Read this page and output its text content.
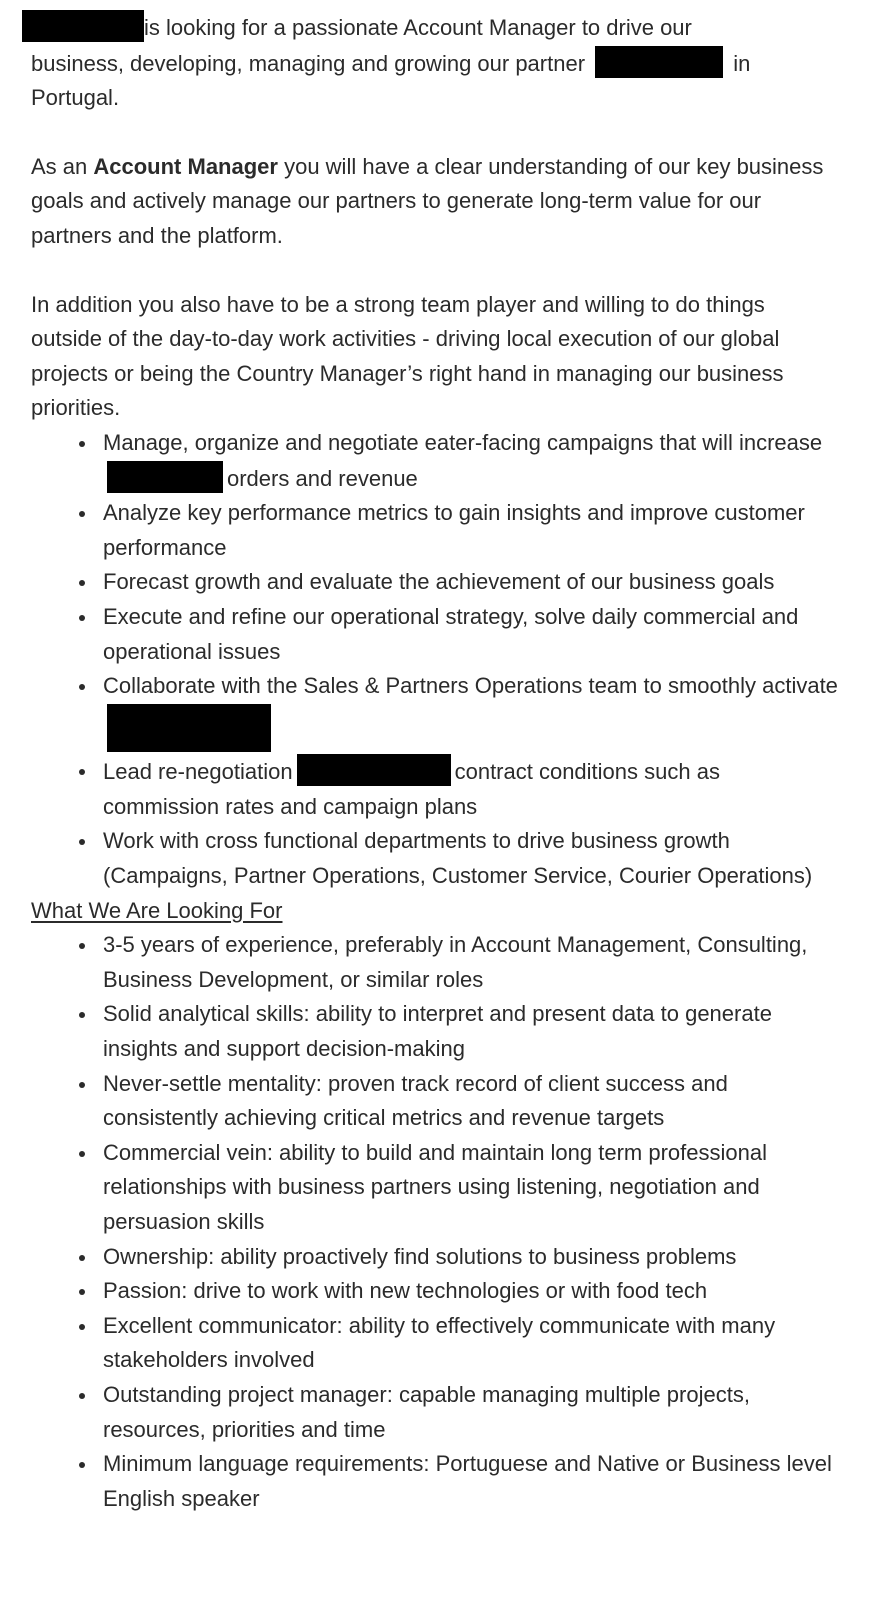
is looking for a passionate Account Manager to drive our

business, developing, managing and growing our partner	in

Portugal.

As an Account Manager you will have a clear understanding of our key business goals and actively manage our partners to generate long-term value for our partners and the platform.

In addition you also have to be a strong team player and willing to do things outside of the day-to-day work activities - driving local execution of our global projects or being the Country Manager’s right hand in managing our business priorities.

Manage, organize and negotiate eater-facing campaigns that will increaseorders and revenue
Analyze key performance metrics to gain insights and improve customer performance
Forecast growth and evaluate the achievement of our business goals
Execute and refine our operational strategy, solve daily commercial and operational issues
Collaborate with the Sales & Partners Operations team to smoothly activate
Lead re-negotiation	contract conditions such as commission rates and campaign plans
Work with cross functional departments to drive business growth (Campaigns, Partner Operations, Customer Service, Courier Operations)

What We Are Looking For

3-5 years of experience, preferably in Account Management, Consulting, Business Development, or similar roles
Solid analytical skills: ability to interpret and present data to generate insights and support decision-making
Never-settle mentality: proven track record of client success and consistently achieving critical metrics and revenue targets
Commercial vein: ability to build and maintain long term professional relationships with business partners using listening, negotiation and persuasion skills
Ownership: ability proactively find solutions to business problems
Passion: drive to work with new technologies or with food tech
Excellent communicator: ability to effectively communicate with many stakeholders involved
Outstanding project manager: capable managing multiple projects, resources, priorities and time
Minimum language requirements: Portuguese and Native or Business level English speaker
